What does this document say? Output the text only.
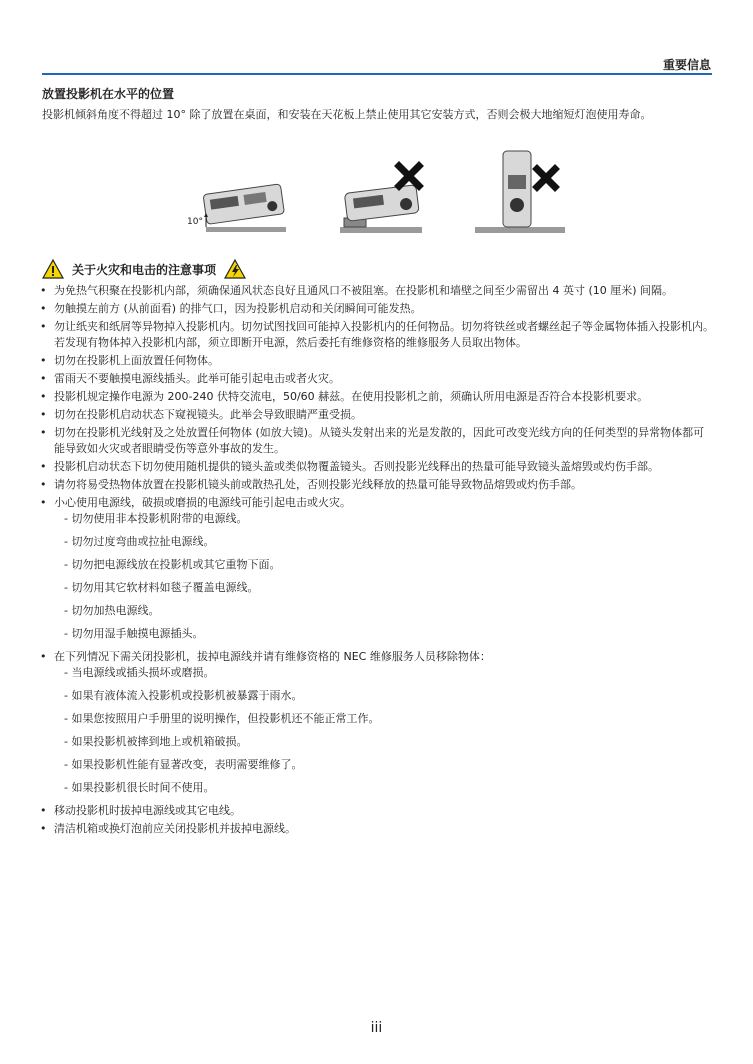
重要信息
放置投影机在水平的位置
投影机倾斜角度不得超过 10° 除了放置在桌面，和安装在天花板上禁止使用其它安装方式，否则会极大地缩短灯泡使用寿命。
10°
关于火灾和电击的注意事项
• 为免热气积聚在投影机内部，须确保通风状态良好且通风口不被阻塞。在投影机和墙壁之间至少需留出 4 英寸 (10 厘米) 间隔。
• 勿触摸左前方 (从前面看) 的排气口，因为投影机启动和关闭瞬间可能发热。
• 勿让纸夹和纸屑等异物掉入投影机内。切勿试图找回可能掉入投影机内的任何物品。切勿将铁丝或者螺丝起子等金属物体插入投影机内。若发现有物体掉入投影机内部，须立即断开电源，然后委托有维修资格的维修服务人员取出物体。
• 切勿在投影机上面放置任何物体。
• 雷雨天不要触摸电源线插头。此举可能引起电击或者火灾。
• 投影机规定操作电源为 200-240 伏特交流电，50/60 赫兹。在使用投影机之前，须确认所用电源是否符合本投影机要求。
• 切勿在投影机启动状态下窥视镜头。此举会导致眼睛严重受损。
• 切勿在投影机光线射及之处放置任何物体 (如放大镜)。从镜头发射出来的光是发散的，因此可改变光线方向的任何类型的异常物体都可能导致如火灾或者眼睛受伤等意外事故的发生。
• 投影机启动状态下切勿使用随机提供的镜头盖或类似物覆盖镜头。否则投影光线释出的热量可能导致镜头盖熔毁或灼伤手部。
• 请勿将易受热物体放置在投影机镜头前或散热孔处，否则投影光线释放的热量可能导致物品熔毁或灼伤手部。
• 小心使用电源线，破损或磨损的电源线可能引起电击或火灾。
- 切勿使用非本投影机附带的电源线。
- 切勿过度弯曲或拉扯电源线。
- 切勿把电源线放在投影机或其它重物下面。
- 切勿用其它软材料如毯子覆盖电源线。
- 切勿加热电源线。
- 切勿用湿手触摸电源插头。
• 在下列情况下需关闭投影机，拔掉电源线并请有维修资格的 NEC 维修服务人员移除物体：
- 当电源线或插头损坏或磨损。
- 如果有液体流入投影机或投影机被暴露于雨水。
- 如果您按照用户手册里的说明操作，但投影机还不能正常工作。
- 如果投影机被摔到地上或机箱破损。
- 如果投影机性能有显著改变，表明需要维修了。
- 如果投影机很长时间不使用。
• 移动投影机时拔掉电源线或其它电线。
• 清洁机箱或换灯泡前应关闭投影机并拔掉电源线。
iii
